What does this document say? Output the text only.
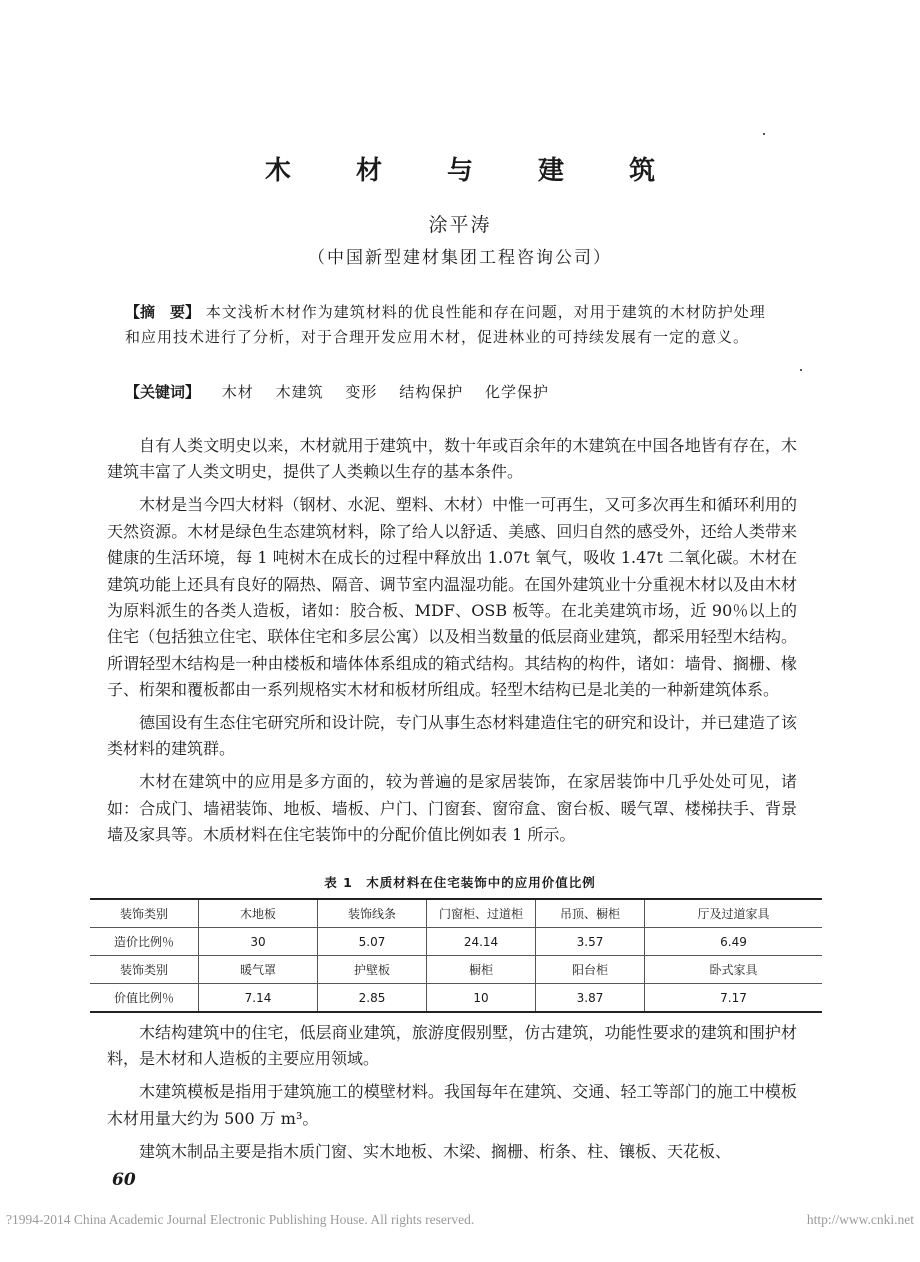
木 材 与 建 筑
涂平涛
（中国新型建材集团工程咨询公司）
【摘　要】 本文浅析木材作为建筑材料的优良性能和存在问题，对用于建筑的木材防护处理和应用技术进行了分析，对于合理开发应用木材，促进林业的可持续发展有一定的意义。
【关键词】 木材 木建筑 变形 结构保护 化学保护

自有人类文明史以来，木材就用于建筑中，数十年或百余年的木建筑在中国各地皆有存在，木建筑丰富了人类文明史，提供了人类赖以生存的基本条件。

木材是当今四大材料（钢材、水泥、塑料、木材）中惟一可再生，又可多次再生和循环利用的天然资源。木材是绿色生态建筑材料，除了给人以舒适、美感、回归自然的感受外，还给人类带来健康的生活环境，每 1 吨树木在成长的过程中释放出 1.07t 氧气，吸收 1.47t 二氧化碳。木材在建筑功能上还具有良好的隔热、隔音、调节室内温湿功能。在国外建筑业十分重视木材以及由木材为原料派生的各类人造板，诸如：胶合板、MDF、OSB 板等。在北美建筑市场，近 90％以上的住宅（包括独立住宅、联体住宅和多层公寓）以及相当数量的低层商业建筑，都采用轻型木结构。所谓轻型木结构是一种由楼板和墙体体系组成的箱式结构。其结构的构件，诸如：墙骨、搁栅、椽子、桁架和覆板都由一系列规格实木材和板材所组成。轻型木结构已是北美的一种新建筑体系。

德国设有生态住宅研究所和设计院，专门从事生态材料建造住宅的研究和设计，并已建造了该类材料的建筑群。

木材在建筑中的应用是多方面的，较为普遍的是家居装饰，在家居装饰中几乎处处可见，诸如：合成门、墙裙装饰、地板、墙板、户门、门窗套、窗帘盒、窗台板、暖气罩、楼梯扶手、背景墙及家具等。木质材料在住宅装饰中的分配价值比例如表 1 所示。

表 1　木质材料在住宅装饰中的应用价值比例
装饰类别	木地板	装饰线条	门窗柜、过道柜	吊顶、橱柜	厅及过道家具
造价比例％	30	5.07	24.14	3.57	6.49
装饰类别	暖气罩	护壁板	橱柜	阳台柜	卧式家具
价值比例％	7.14	2.85	10	3.87	7.17

木结构建筑中的住宅，低层商业建筑，旅游度假别墅，仿古建筑，功能性要求的建筑和围护材料，是木材和人造板的主要应用领域。

木建筑模板是指用于建筑施工的模壁材料。我国每年在建筑、交通、轻工等部门的施工中模板木材用量大约为 500 万 m³。

建筑木制品主要是指木质门窗、实木地板、木梁、搁栅、桁条、柱、镶板、天花板、

60
?1994-2014 China Academic Journal Electronic Publishing House. All rights reserved.	http://www.cnki.net
